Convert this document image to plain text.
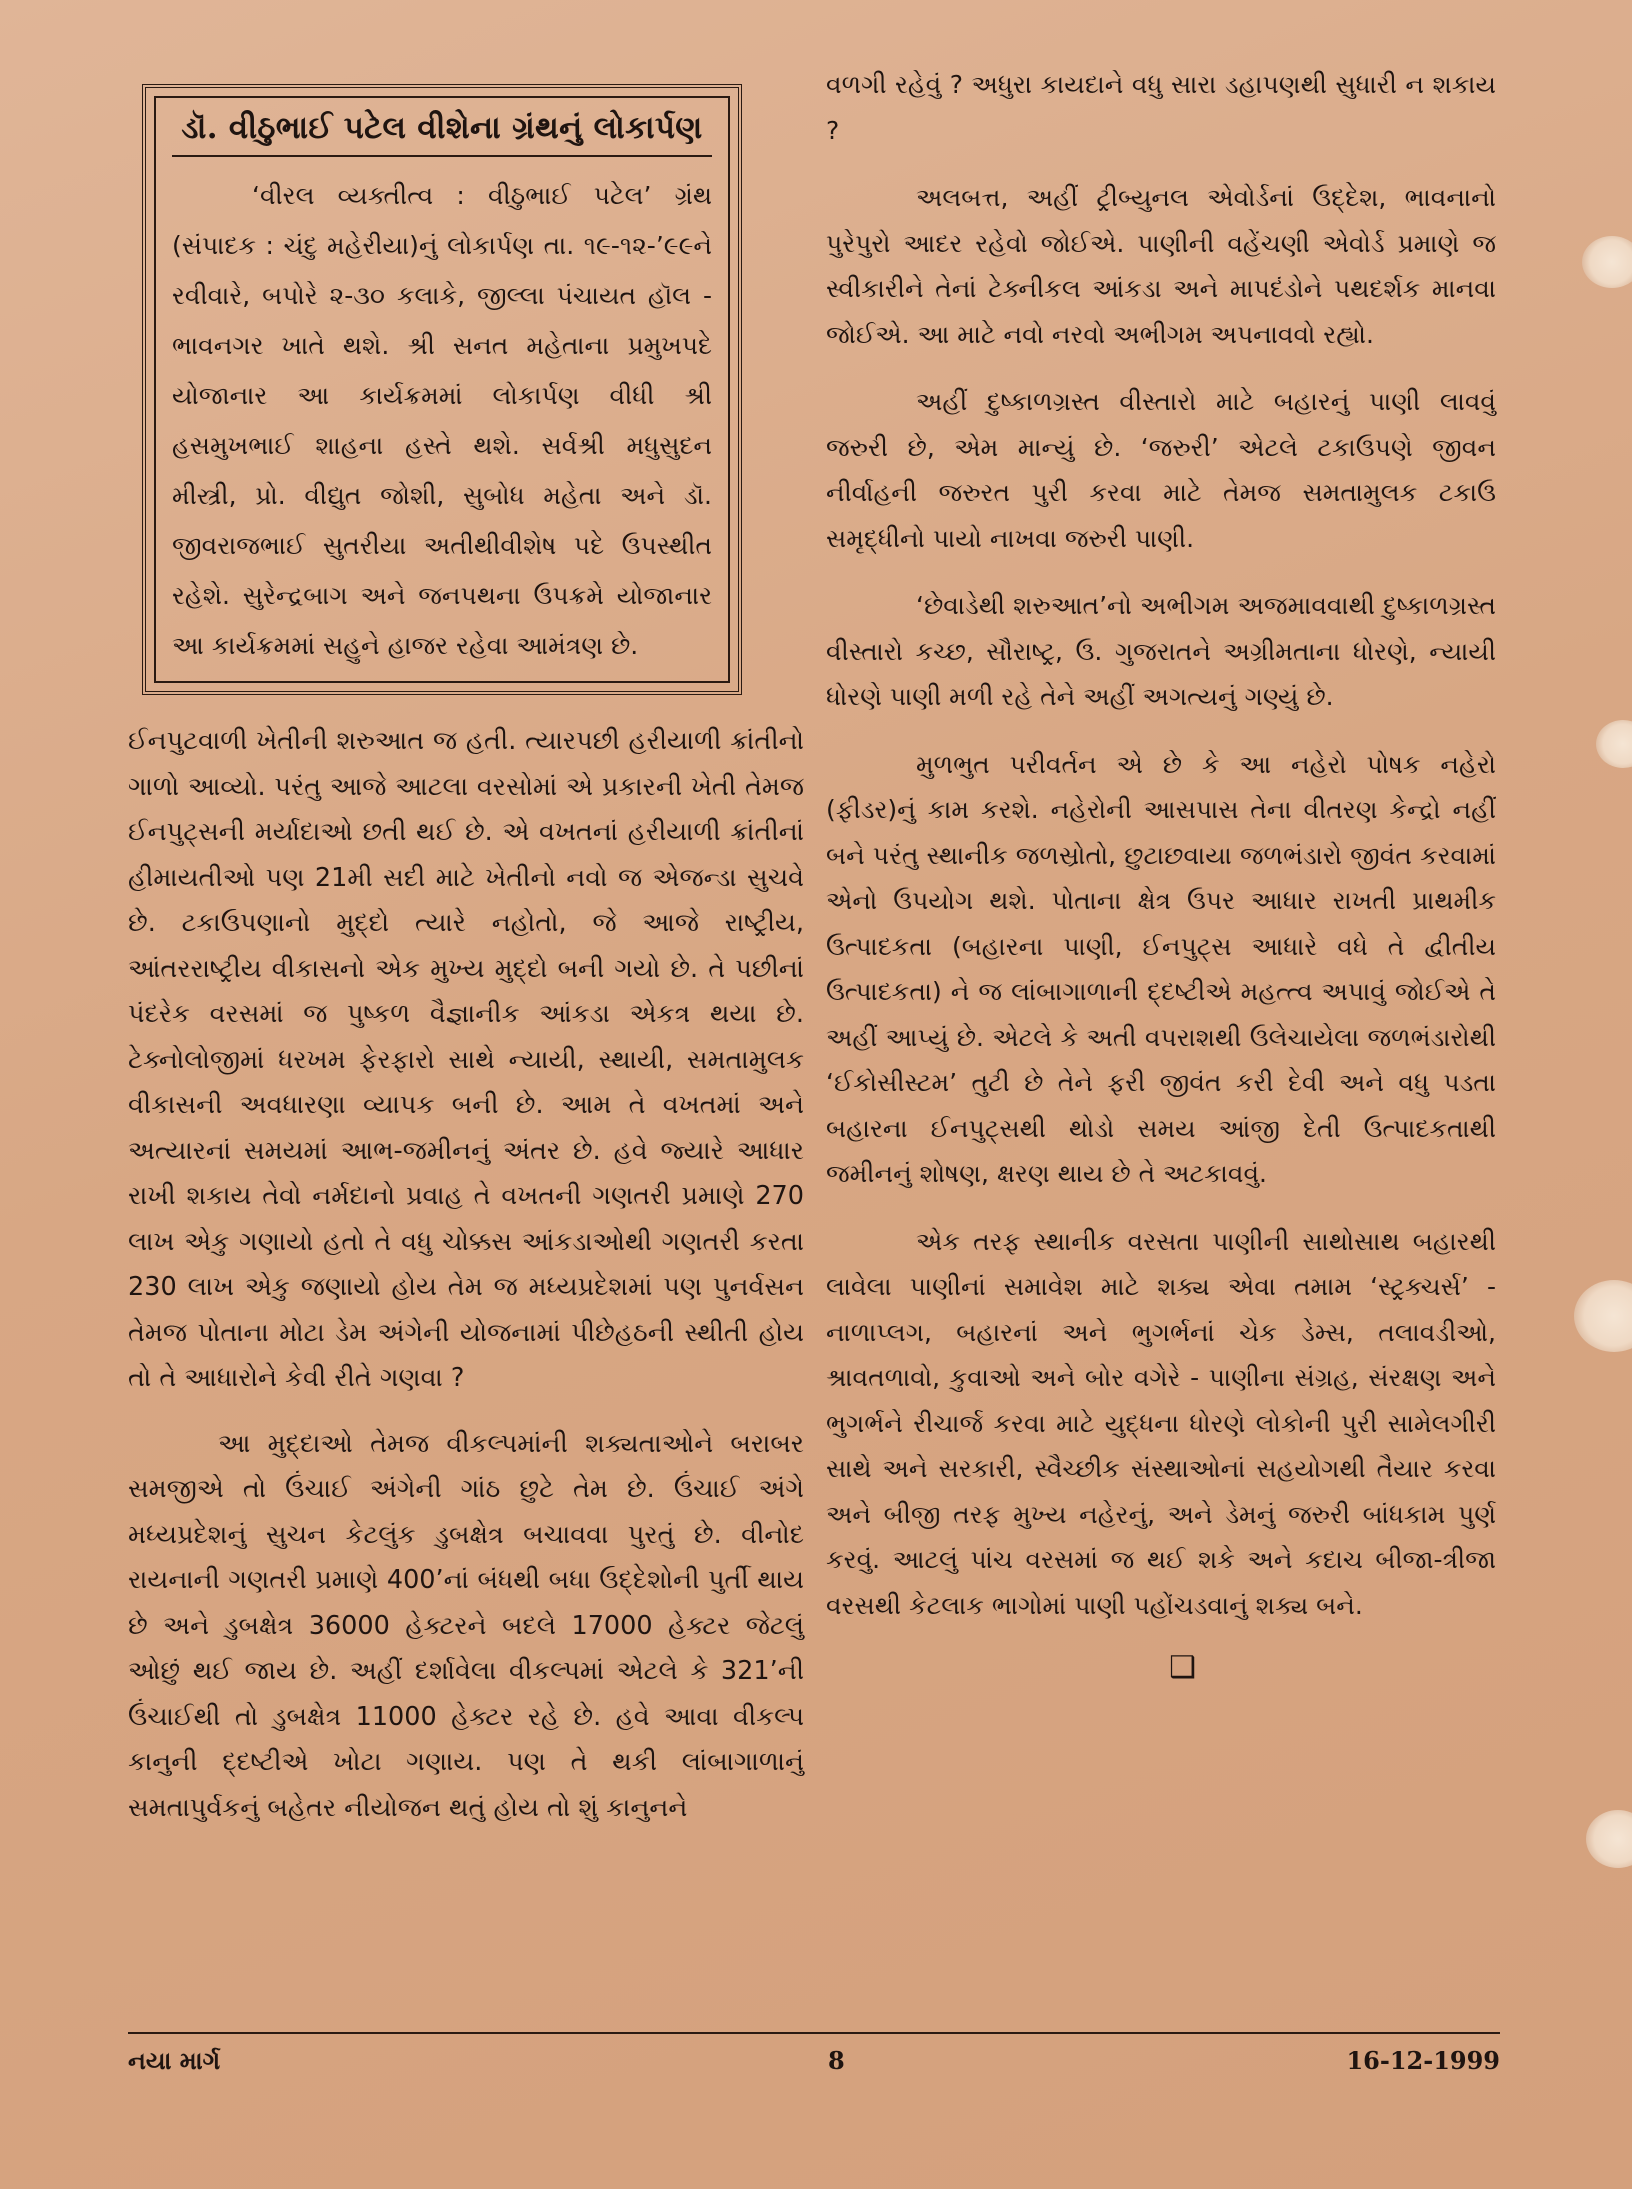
ડૉ. વીઠુભાઈ પટેલ વીશેના ગ્રંથનું લોકાર્પણ

‘વીરલ વ્યક્તીત્વ : વીઠુભાઈ પટેલ’ ગ્રંથ (સંપાદક : ચંદુ મહેરીયા)નું લોકાર્પણ તા. ૧૯-૧૨-’૯૯ને રવીવારે, બપોરે ૨-૩૦ કલાકે, જીલ્લા પંચાયત હૉલ - ભાવનગર ખાતે થશે. શ્રી સનત મહેતાના પ્રમુખપદે યોજાનાર આ કાર્યક્રમમાં લોકાર્પણ વીધી શ્રી હસમુખભાઈ શાહના હસ્તે થશે. સર્વશ્રી મધુસુદન મીસ્ત્રી, પ્રો. વીદ્યુત જોશી, સુબોધ મહેતા અને ડૉ. જીવરાજભાઈ સુતરીયા અતીથીવીશેષ પદે ઉપસ્થીત રહેશે. સુરેન્દ્રબાગ અને જનપથના ઉપક્રમે યોજાનાર આ કાર્યક્રમમાં સહુને હાજર રહેવા આમંત્રણ છે.

ઈનપુટવાળી ખેતીની શરુઆત જ હતી. ત્યારપછી હરીયાળી ક્રાંતીનો ગાળો આવ્યો. પરંતુ આજે આટલા વરસોમાં એ પ્રકારની ખેતી તેમજ ઈનપુટ્સની મર્યાદાઓ છતી થઈ છે. એ વખતનાં હરીયાળી ક્રાંતીનાં હીમાયતીઓ પણ 21મી સદી માટે ખેતીનો નવો જ એજન્ડા સુચવે છે. ટકાઉપણાનો મુદ્દો ત્યારે નહોતો, જે આજે રાષ્ટ્રીય, આંતરરાષ્ટ્રીય વીકાસનો એક મુખ્ય મુદ્દો બની ગયો છે. તે પછીનાં પંદરેક વરસમાં જ પુષ્કળ વૈજ્ઞાનીક આંકડા એકત્ર થયા છે. ટેક્નોલોજીમાં ધરખમ ફેરફારો સાથે ન્યાયી, સ્થાયી, સમતામુલક વીકાસની અવધારણા વ્યાપક બની છે. આમ તે વખતમાં અને અત્યારનાં સમયમાં આભ-જમીનનું અંતર છે. હવે જ્યારે આધાર રાખી શકાય તેવો નર્મદાનો પ્રવાહ તે વખતની ગણતરી પ્રમાણે 270 લાખ એકુ ગણાયો હતો તે વધુ ચોક્કસ આંકડાઓથી ગણતરી કરતા 230 લાખ એકુ જણાયો હોય તેમ જ મધ્યપ્રદેશમાં પણ પુનર્વસન તેમજ પોતાના મોટા ડેમ અંગેની યોજનામાં પીછેહઠની સ્થીતી હોય તો તે આધારોને કેવી રીતે ગણવા ?

આ મુદ્દાઓ તેમજ વીકલ્પમાંની શક્યતાઓને બરાબર સમજીએ તો ઉંચાઈ અંગેની ગાંઠ છુટે તેમ છે. ઉંચાઈ અંગે મધ્યપ્રદેશનું સુચન કેટલુંક ડુબક્ષેત્ર બચાવવા પુરતું છે. વીનોદ રાયનાની ગણતરી પ્રમાણે 400’નાં બંધથી બધા ઉદ્દેશોની પુર્તી થાય છે અને ડુબક્ષેત્ર 36000 હેક્ટરને બદલે 17000 હેક્ટર જેટલું ઓછું થઈ જાય છે. અહીં દર્શાવેલા વીકલ્પમાં એટલે કે 321’ની ઉંચાઈથી તો ડુબક્ષેત્ર 11000 હેક્ટર રહે છે. હવે આવા વીકલ્પ કાનુની દ્દષ્ટીએ ખોટા ગણાય. પણ તે થકી લાંબાગાળાનું સમતાપુર્વકનું બહેતર નીયોજન થતું હોય તો શું કાનુનને

વળગી રહેવું ? અધુરા કાયદાને વધુ સારા ડહાપણથી સુધારી ન શકાય ?

અલબત્ત, અહીં ટ્રીબ્યુનલ એવોર્ડનાં ઉદ્દેશ, ભાવનાનો પુરેપુરો આદર રહેવો જોઈએ. પાણીની વહેંચણી એવોર્ડ પ્રમાણે જ સ્વીકારીને તેનાં ટેક્નીકલ આંકડા અને માપદંડોને પથદર્શક માનવા જોઈએ. આ માટે નવો નરવો અભીગમ અપનાવવો રહ્યો.

અહીં દુષ્કાળગ્રસ્ત વીસ્તારો માટે બહારનું પાણી લાવવું જરુરી છે, એમ માન્યું છે. ‘જરુરી’ એટલે ટકાઉપણે જીવન નીર્વાહની જરુરત પુરી કરવા માટે તેમજ સમતામુલક ટકાઉ સમૃદ્ધીનો પાયો નાખવા જરુરી પાણી.

‘છેવાડેથી શરુઆત’નો અભીગમ અજમાવવાથી દુષ્કાળગ્રસ્ત વીસ્તારો કચ્છ, સૌરાષ્ટ્ર, ઉ. ગુજરાતને અગ્રીમતાના ધોરણે, ન્યાયી ધોરણે પાણી મળી રહે તેને અહીં અગત્યનું ગણ્યું છે.

મુળભુત પરીવર્તન એ છે કે આ નહેરો પોષક નહેરો (ફીડર)નું કામ કરશે. નહેરોની આસપાસ તેના વીતરણ કેન્દ્રો નહીં બને પરંતુ સ્થાનીક જળસ્રોતો, છુટાછવાયા જળભંડારો જીવંત કરવામાં એનો ઉપયોગ થશે. પોતાના ક્ષેત્ર ઉપર આધાર રાખતી પ્રાથમીક ઉત્પાદકતા (બહારના પાણી, ઈનપુટ્સ આધારે વધે તે દ્વીતીય ઉત્પાદકતા) ને જ લાંબાગાળાની દ્દષ્ટીએ મહત્ત્વ અપાવું જોઈએ તે અહીં આપ્યું છે. એટલે કે અતી વપરાશથી ઉલેચાયેલા જળભંડારોથી ‘ઈકોસીસ્ટમ’ તુટી છે તેને ફરી જીવંત કરી દેવી અને વધુ પડતા બહારના ઈનપુટ્સથી થોડો સમય આંજી દેતી ઉત્પાદકતાથી જમીનનું શોષણ, ક્ષરણ થાય છે તે અટકાવવું.

એક તરફ સ્થાનીક વરસતા પાણીની સાથોસાથ બહારથી લાવેલા પાણીનાં સમાવેશ માટે શક્ય એવા તમામ ‘સ્ટ્રક્ચર્સ’ - નાળાપ્લગ, બહારનાં અને ભુગર્ભનાં ચેક ડેમ્સ, તલાવડીઓ, શ્રાવતળાવો, કુવાઓ અને બોર વગેરે - પાણીના સંગ્રહ, સંરક્ષણ અને ભુગર્ભને રીચાર્જ કરવા માટે યુદ્ધના ધોરણે લોકોની પુરી સામેલગીરી સાથે અને સરકારી, સ્વૈચ્છીક સંસ્થાઓનાં સહયોગથી તૈયાર કરવા અને બીજી તરફ મુખ્ય નહેરનું, અને ડેમનું જરુરી બાંધકામ પુર્ણ કરવું. આટલું પાંચ વરસમાં જ થઈ શકે અને કદાચ બીજા-ત્રીજા વરસથી કેટલાક ભાગોમાં પાણી પહોંચડવાનું શક્ય બને.

❑
નયા માર્ગ	8	16-12-1999
